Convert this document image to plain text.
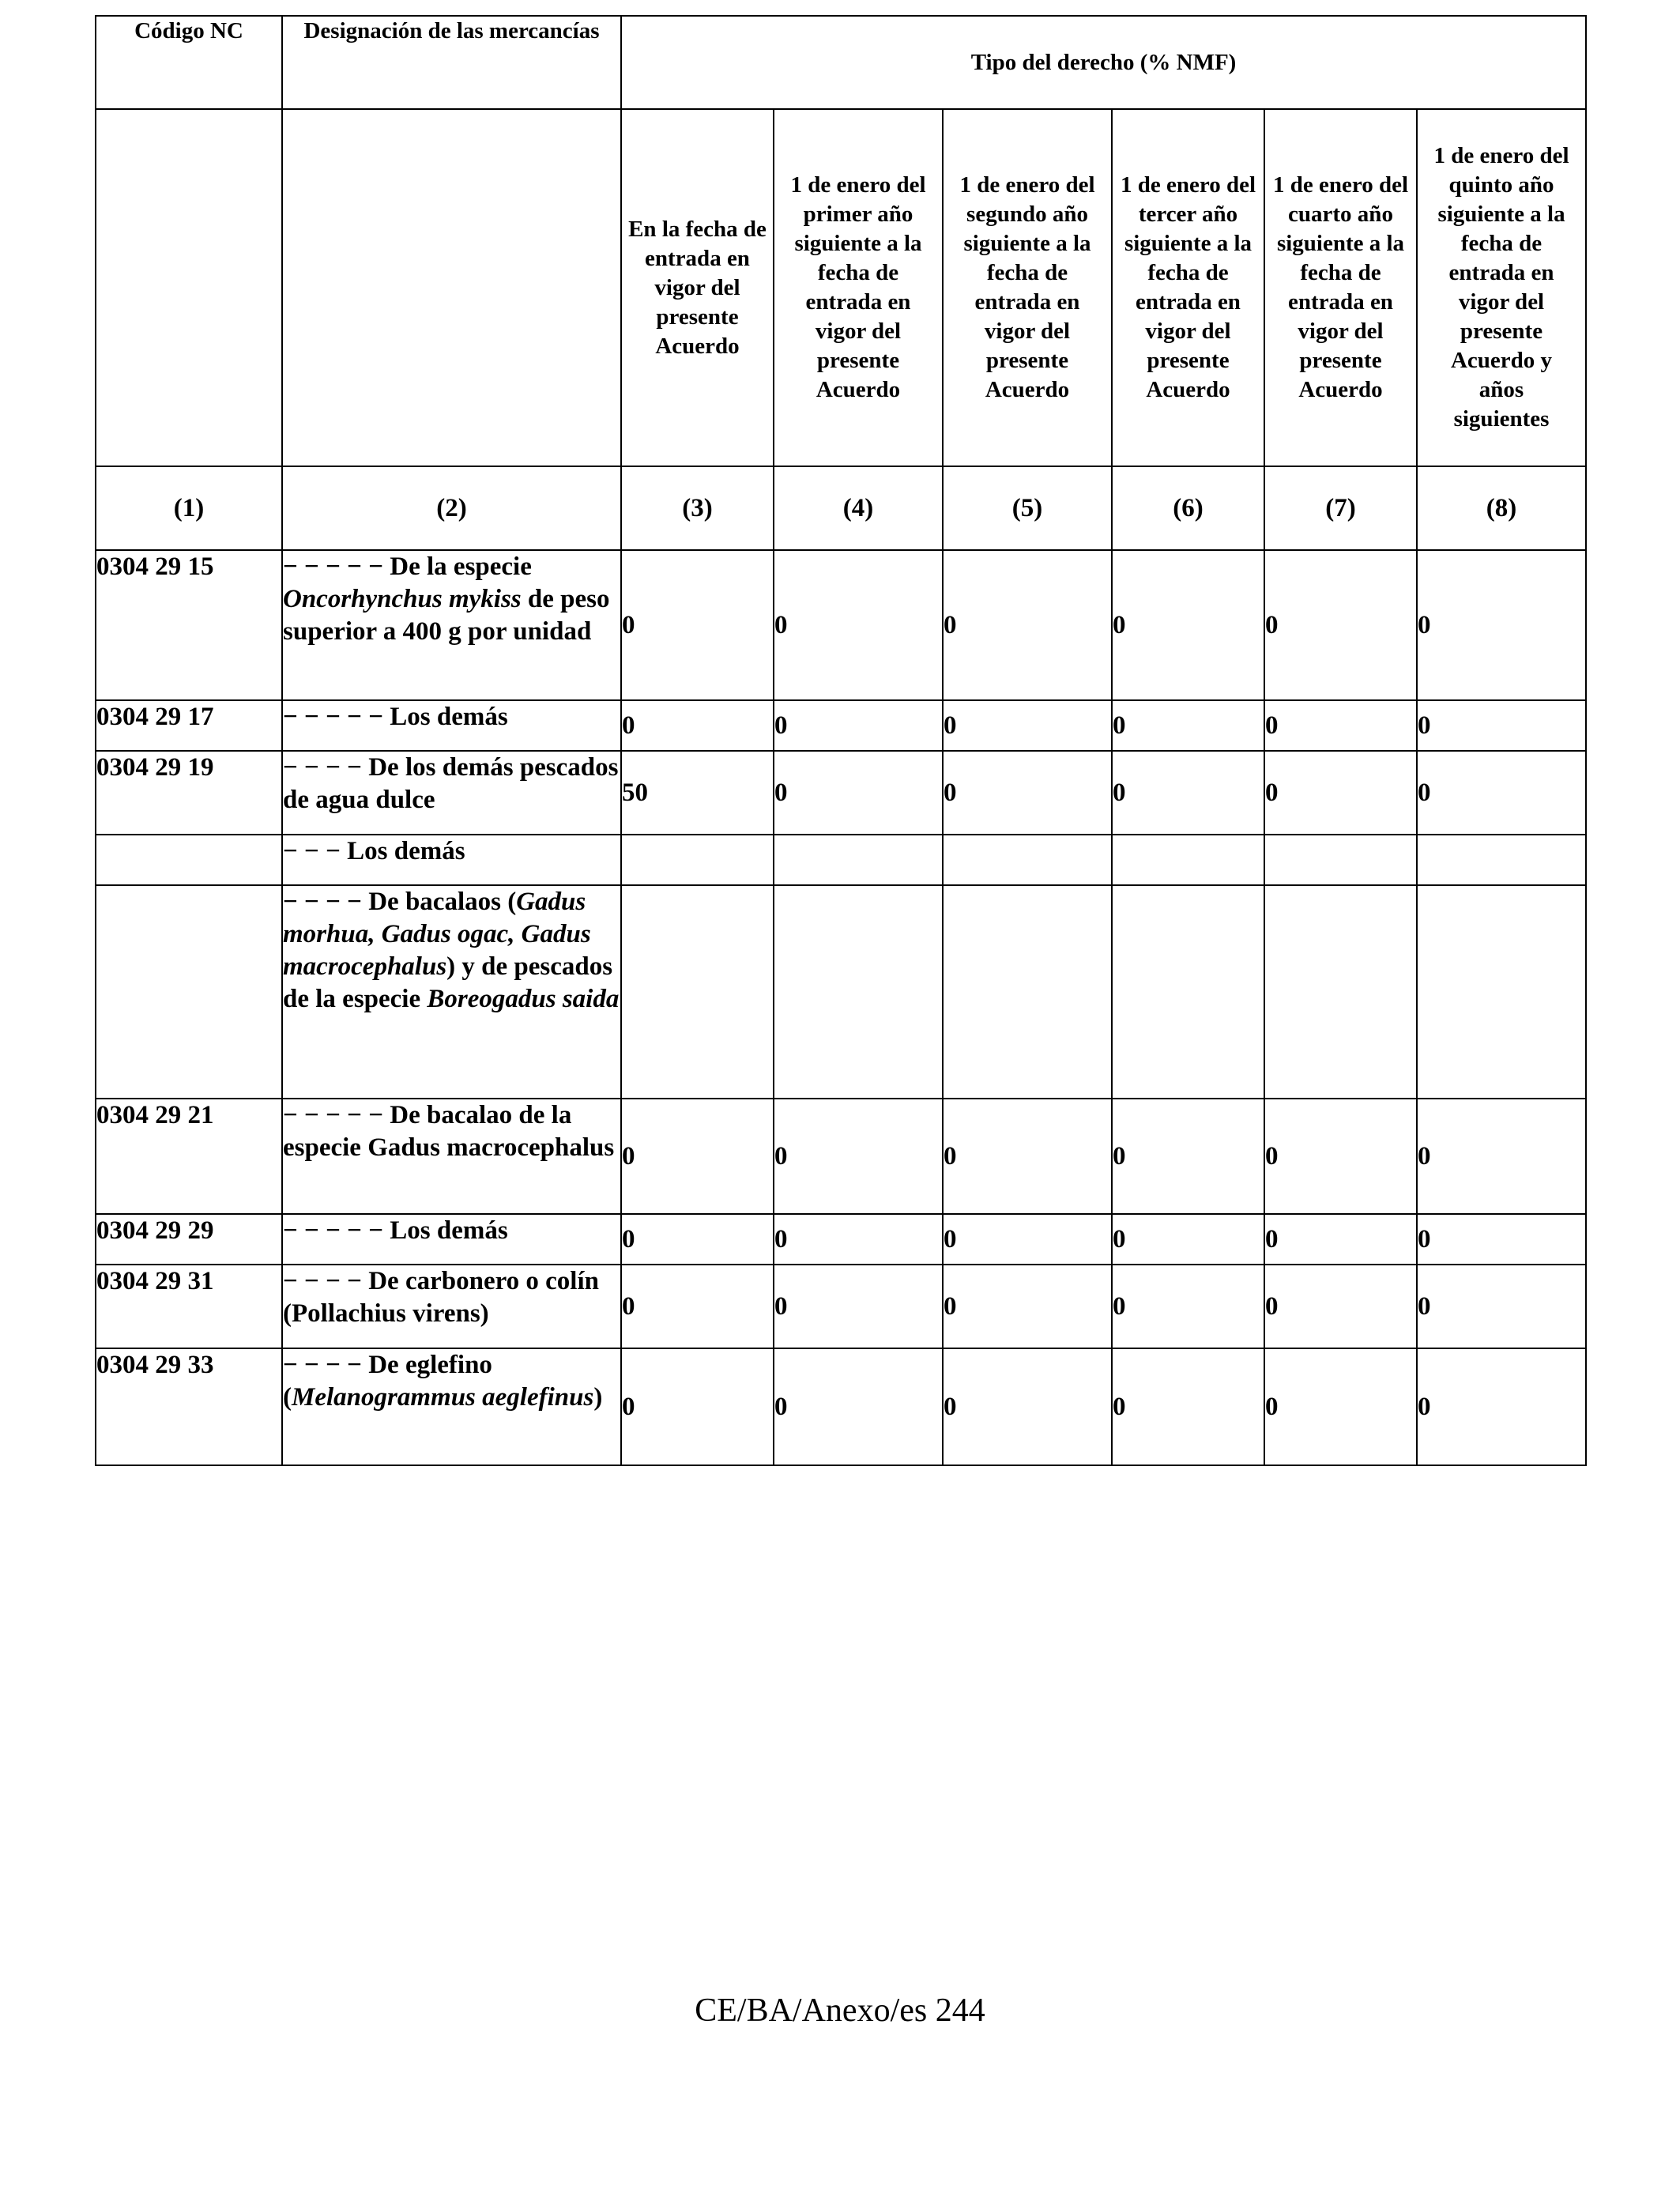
Código NC	Designación de las mercancías	Tipo del derecho (% NMF)					
		En la fecha de entrada en vigor del presente Acuerdo	1 de enero del primer año siguiente a la fecha de entrada en vigor del presente Acuerdo	1 de enero del segundo año siguiente a la fecha de entrada en vigor del presente Acuerdo	1 de enero del tercer año siguiente a la fecha de entrada en vigor del presente Acuerdo	1 de enero del cuarto año siguiente a la fecha de entrada en vigor del presente Acuerdo	1 de enero del quinto año siguiente a la fecha de entrada en vigor del presente Acuerdo y años siguientes
(1)	(2)	(3)	(4)	(5)	(6)	(7)	(8)
0304 29 15	− − − − − De la especie Oncorhynchus mykiss de peso superior a 400 g por unidad	0	0	0	0	0	0
0304 29 17	− − − − − Los demás	0	0	0	0	0	0
0304 29 19	− − − − De los demás pescados de agua dulce	50	0	0	0	0	0
	− − − Los demás						
	− − − − De bacalaos (Gadus morhua, Gadus ogac, Gadus macrocephalus) y de pescados de la especie Boreogadus saida						
0304 29 21	− − − − − De bacalao de la especie Gadus macrocephalus	0	0	0	0	0	0
0304 29 29	− − − − − Los demás	0	0	0	0	0	0
0304 29 31	− − − − De carbonero o colín (Pollachius virens)	0	0	0	0	0	0
0304 29 33	− − − − De eglefino (Melanogrammus aeglefinus)	0	0	0	0	0	0
CE/BA/Anexo/es 244
